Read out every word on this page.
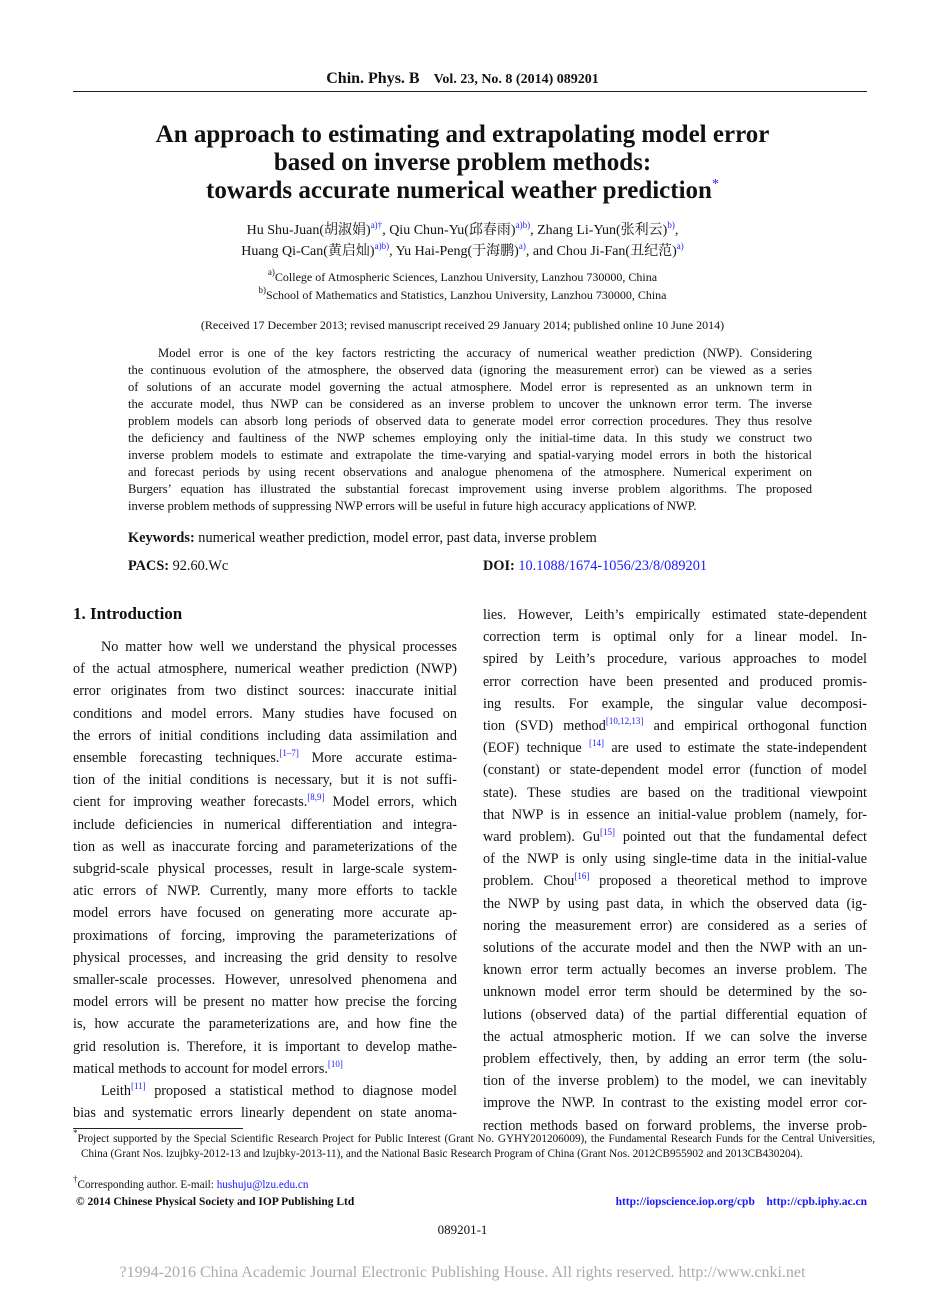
Chin. Phys. B Vol. 23, No. 8 (2014) 089201
An approach to estimating and extrapolating model error
based on inverse problem methods:
towards accurate numerical weather prediction*
Hu Shu-Juan(胡淑娟)$^{a)\dagger}$, Qiu Chun-Yu(邱春雨)$^{a)b)}$, Zhang Li-Yun(张利云)$^{b)}$,
Huang Qi-Can(黄启灿)$^{a)b)}$, Yu Hai-Peng(于海鹏)$^{a)}$, and Chou Ji-Fan(丑纪范)$^{a)}$
$^{a)}$College of Atmospheric Sciences, Lanzhou University, Lanzhou 730000, China
$^{b)}$School of Mathematics and Statistics, Lanzhou University, Lanzhou 730000, China
(Received 17 December 2013; revised manuscript received 29 January 2014; published online 10 June 2014)
Model error is one of the key factors restricting the accuracy of numerical weather prediction (NWP). Considering
the continuous evolution of the atmosphere, the observed data (ignoring the measurement error) can be viewed as a series
of solutions of an accurate model governing the actual atmosphere. Model error is represented as an unknown term in
the accurate model, thus NWP can be considered as an inverse problem to uncover the unknown error term. The inverse
problem models can absorb long periods of observed data to generate model error correction procedures. They thus resolve
the deficiency and faultiness of the NWP schemes employing only the initial-time data. In this study we construct two
inverse problem models to estimate and extrapolate the time-varying and spatial-varying model errors in both the historical
and forecast periods by using recent observations and analogue phenomena of the atmosphere. Numerical experiment on
Burgers’ equation has illustrated the substantial forecast improvement using inverse problem algorithms. The proposed
inverse problem methods of suppressing NWP errors will be useful in future high accuracy applications of NWP.
Keywords: numerical weather prediction, model error, past data, inverse problem
PACS: 92.60.Wc	DOI: 10.1088/1674-1056/23/8/089201
1. Introduction
No matter how well we understand the physical processes
of the actual atmosphere, numerical weather prediction (NWP)
error originates from two distinct sources: inaccurate initial
conditions and model errors. Many studies have focused on
the errors of initial conditions including data assimilation and
ensemble forecasting techniques.[1–7] More accurate estima-
tion of the initial conditions is necessary, but it is not suffi-
cient for improving weather forecasts.[8,9] Model errors, which
include deficiencies in numerical differentiation and integra-
tion as well as inaccurate forcing and parameterizations of the
subgrid-scale physical processes, result in large-scale system-
atic errors of NWP. Currently, many more efforts to tackle
model errors have focused on generating more accurate ap-
proximations of forcing, improving the parameterizations of
physical processes, and increasing the grid density to resolve
smaller-scale processes. However, unresolved phenomena and
model errors will be present no matter how precise the forcing
is, how accurate the parameterizations are, and how fine the
grid resolution is. Therefore, it is important to develop mathe-
matical methods to account for model errors.[10]
Leith[11] proposed a statistical method to diagnose model
bias and systematic errors linearly dependent on state anoma-
lies. However, Leith’s empirically estimated state-dependent
correction term is optimal only for a linear model. In-
spired by Leith’s procedure, various approaches to model
error correction have been presented and produced promis-
ing results. For example, the singular value decomposi-
tion (SVD) method[10,12,13] and empirical orthogonal function
(EOF) technique [14] are used to estimate the state-independent
(constant) or state-dependent model error (function of model
state). These studies are based on the traditional viewpoint
that NWP is in essence an initial-value problem (namely, for-
ward problem). Gu[15] pointed out that the fundamental defect
of the NWP is only using single-time data in the initial-value
problem. Chou[16] proposed a theoretical method to improve
the NWP by using past data, in which the observed data (ig-
noring the measurement error) are considered as a series of
solutions of the accurate model and then the NWP with an un-
known error term actually becomes an inverse problem. The
unknown model error term should be determined by the so-
lutions (observed data) of the partial differential equation of
the actual atmospheric motion. If we can solve the inverse
problem effectively, then, by adding an error term (the solu-
tion of the inverse problem) to the model, we can inevitably
improve the NWP. In contrast to the existing model error cor-
rection methods based on forward problems, the inverse prob-
*Project supported by the Special Scientific Research Project for Public Interest (Grant No. GYHY201206009), the Fundamental Research Funds for the Central Universities, China (Grant Nos. lzujbky-2012-13 and lzujbky-2013-11), and the National Basic Research Program of China (Grant Nos. 2012CB955902 and 2013CB430204).
†Corresponding author. E-mail: hushuju@lzu.edu.cn
© 2014 Chinese Physical Society and IOP Publishing Ltd	http://iopscience.iop.org/cpb http://cpb.iphy.ac.cn
089201-1
?1994-2016 China Academic Journal Electronic Publishing House. All rights reserved. http://www.cnki.net
